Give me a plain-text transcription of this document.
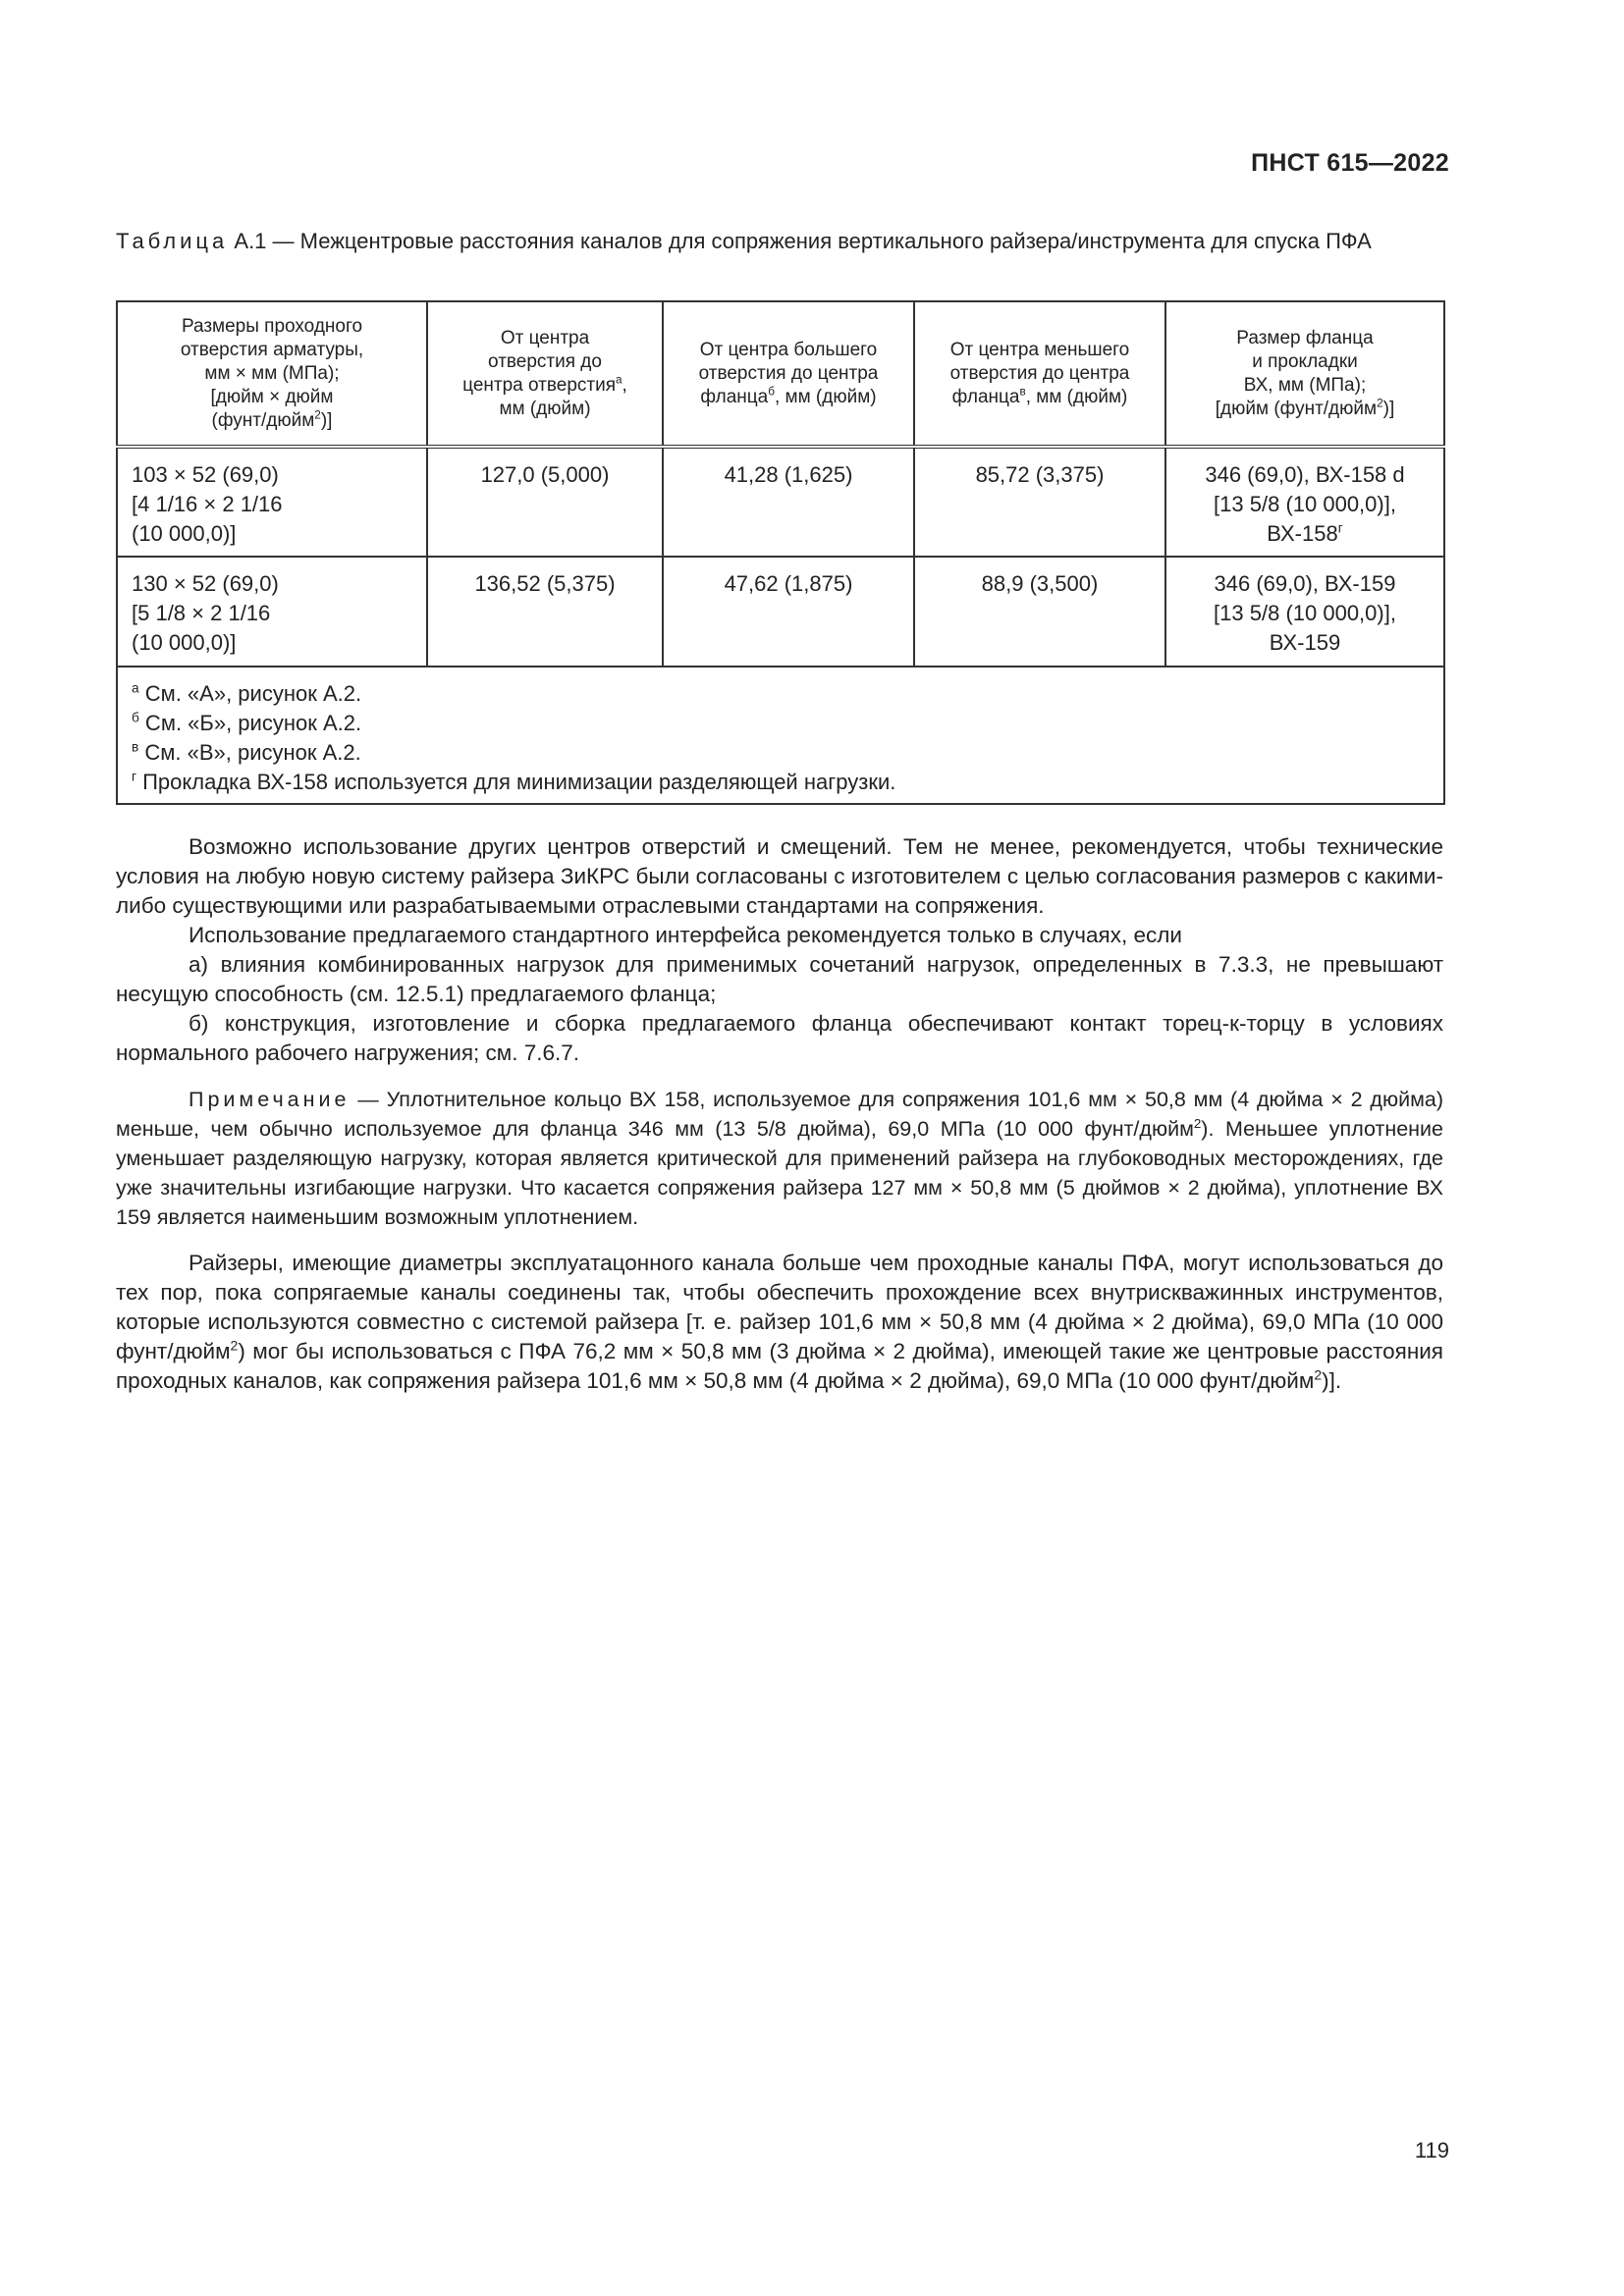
ПНСТ 615—2022
Таблица А.1 — Межцентровые расстояния каналов для сопряжения вертикального райзера/инструмента для спуска ПФА
Размеры проходного
отверстия арматуры,
мм × мм (МПа);
[дюйм × дюйм
(фунт/дюйм$^2$)]	От центра
отверстия до
центра отверстия$^а$,
мм (дюйм)	От центра большего
отверстия до центра
фланца$^б$, мм (дюйм)	От центра меньшего
отверстия до центра
фланца$^в$, мм (дюйм)	Размер фланца
и прокладки
ВХ, мм (МПа);
[дюйм (фунт/дюйм$^2$)]

103 × 52 (69,0)
[4 1/16 × 2 1/16
(10 000,0)]	127,0 (5,000)	41,28 (1,625)	85,72 (3,375)	346 (69,0), ВХ-158 d
[13 5/8 (10 000,0)],
$ВХ-158^г$

130 × 52 (69,0)
[5 1/8 × 2 1/16
(10 000,0)]	136,52 (5,375)	47,62 (1,875)	88,9 (3,500)	346 (69,0), ВХ-159
[13 5/8 (10 000,0)],
ВХ-159

$^а$ См. «А», рисунок А.2.
$^б$ См. «Б», рисунок А.2.
$^в$ См. «В», рисунок А.2.
$^г$ Прокладка ВХ-158 используется для минимизации разделяющей нагрузки.				

Возможно использование других центров отверстий и смещений. Тем не менее, рекомендуется, чтобы технические условия на любую новую систему райзера ЗиКРС были согласованы с изготовителем с целью согласования размеров с какими-либо существующими или разрабатываемыми отраслевыми стандартами на сопряжения.

Использование предлагаемого стандартного интерфейса рекомендуется только в случаях, если

а) влияния комбинированных нагрузок для применимых сочетаний нагрузок, определенных в 7.3.3, не превышают несущую способность (см. 12.5.1) предлагаемого фланца;

б) конструкция, изготовление и сборка предлагаемого фланца обеспечивают контакт торец-к-торцу в условиях нормального рабочего нагружения; см. 7.6.7.

Примечание — Уплотнительное кольцо ВХ 158, используемое для сопряжения 101,6 мм × 50,8 мм (4 дюйма × 2 дюйма) меньше, чем обычно используемое для фланца 346 мм (13 5/8 дюйма), 69,0 МПа (10 000 фунт/дюйм$^2$). Меньшее уплотнение уменьшает разделяющую нагрузку, которая является критической для применений райзера на глубоководных месторождениях, где уже значительны изгибающие нагрузки. Что касается сопряжения райзера 127 мм × 50,8 мм (5 дюймов × 2 дюйма), уплотнение ВХ 159 является наименьшим возможным уплотнением.

Райзеры, имеющие диаметры эксплуатацонного канала больше чем проходные каналы ПФА, могут использоваться до тех пор, пока сопрягаемые каналы соединены так, чтобы обеспечить прохождение всех внутрискважинных инструментов, которые используются совместно с системой райзера [т. е. райзер 101,6 мм × 50,8 мм (4 дюйма × 2 дюйма), 69,0 МПа (10 000 фунт/дюйм$^2$) мог бы использоваться с ПФА 76,2 мм × 50,8 мм (3 дюйма × 2 дюйма), имеющей такие же центровые расстояния проходных каналов, как сопряжения райзера 101,6 мм × 50,8 мм (4 дюйма × 2 дюйма), 69,0 МПа (10 000 фунт/дюйм$^2$)].

119
